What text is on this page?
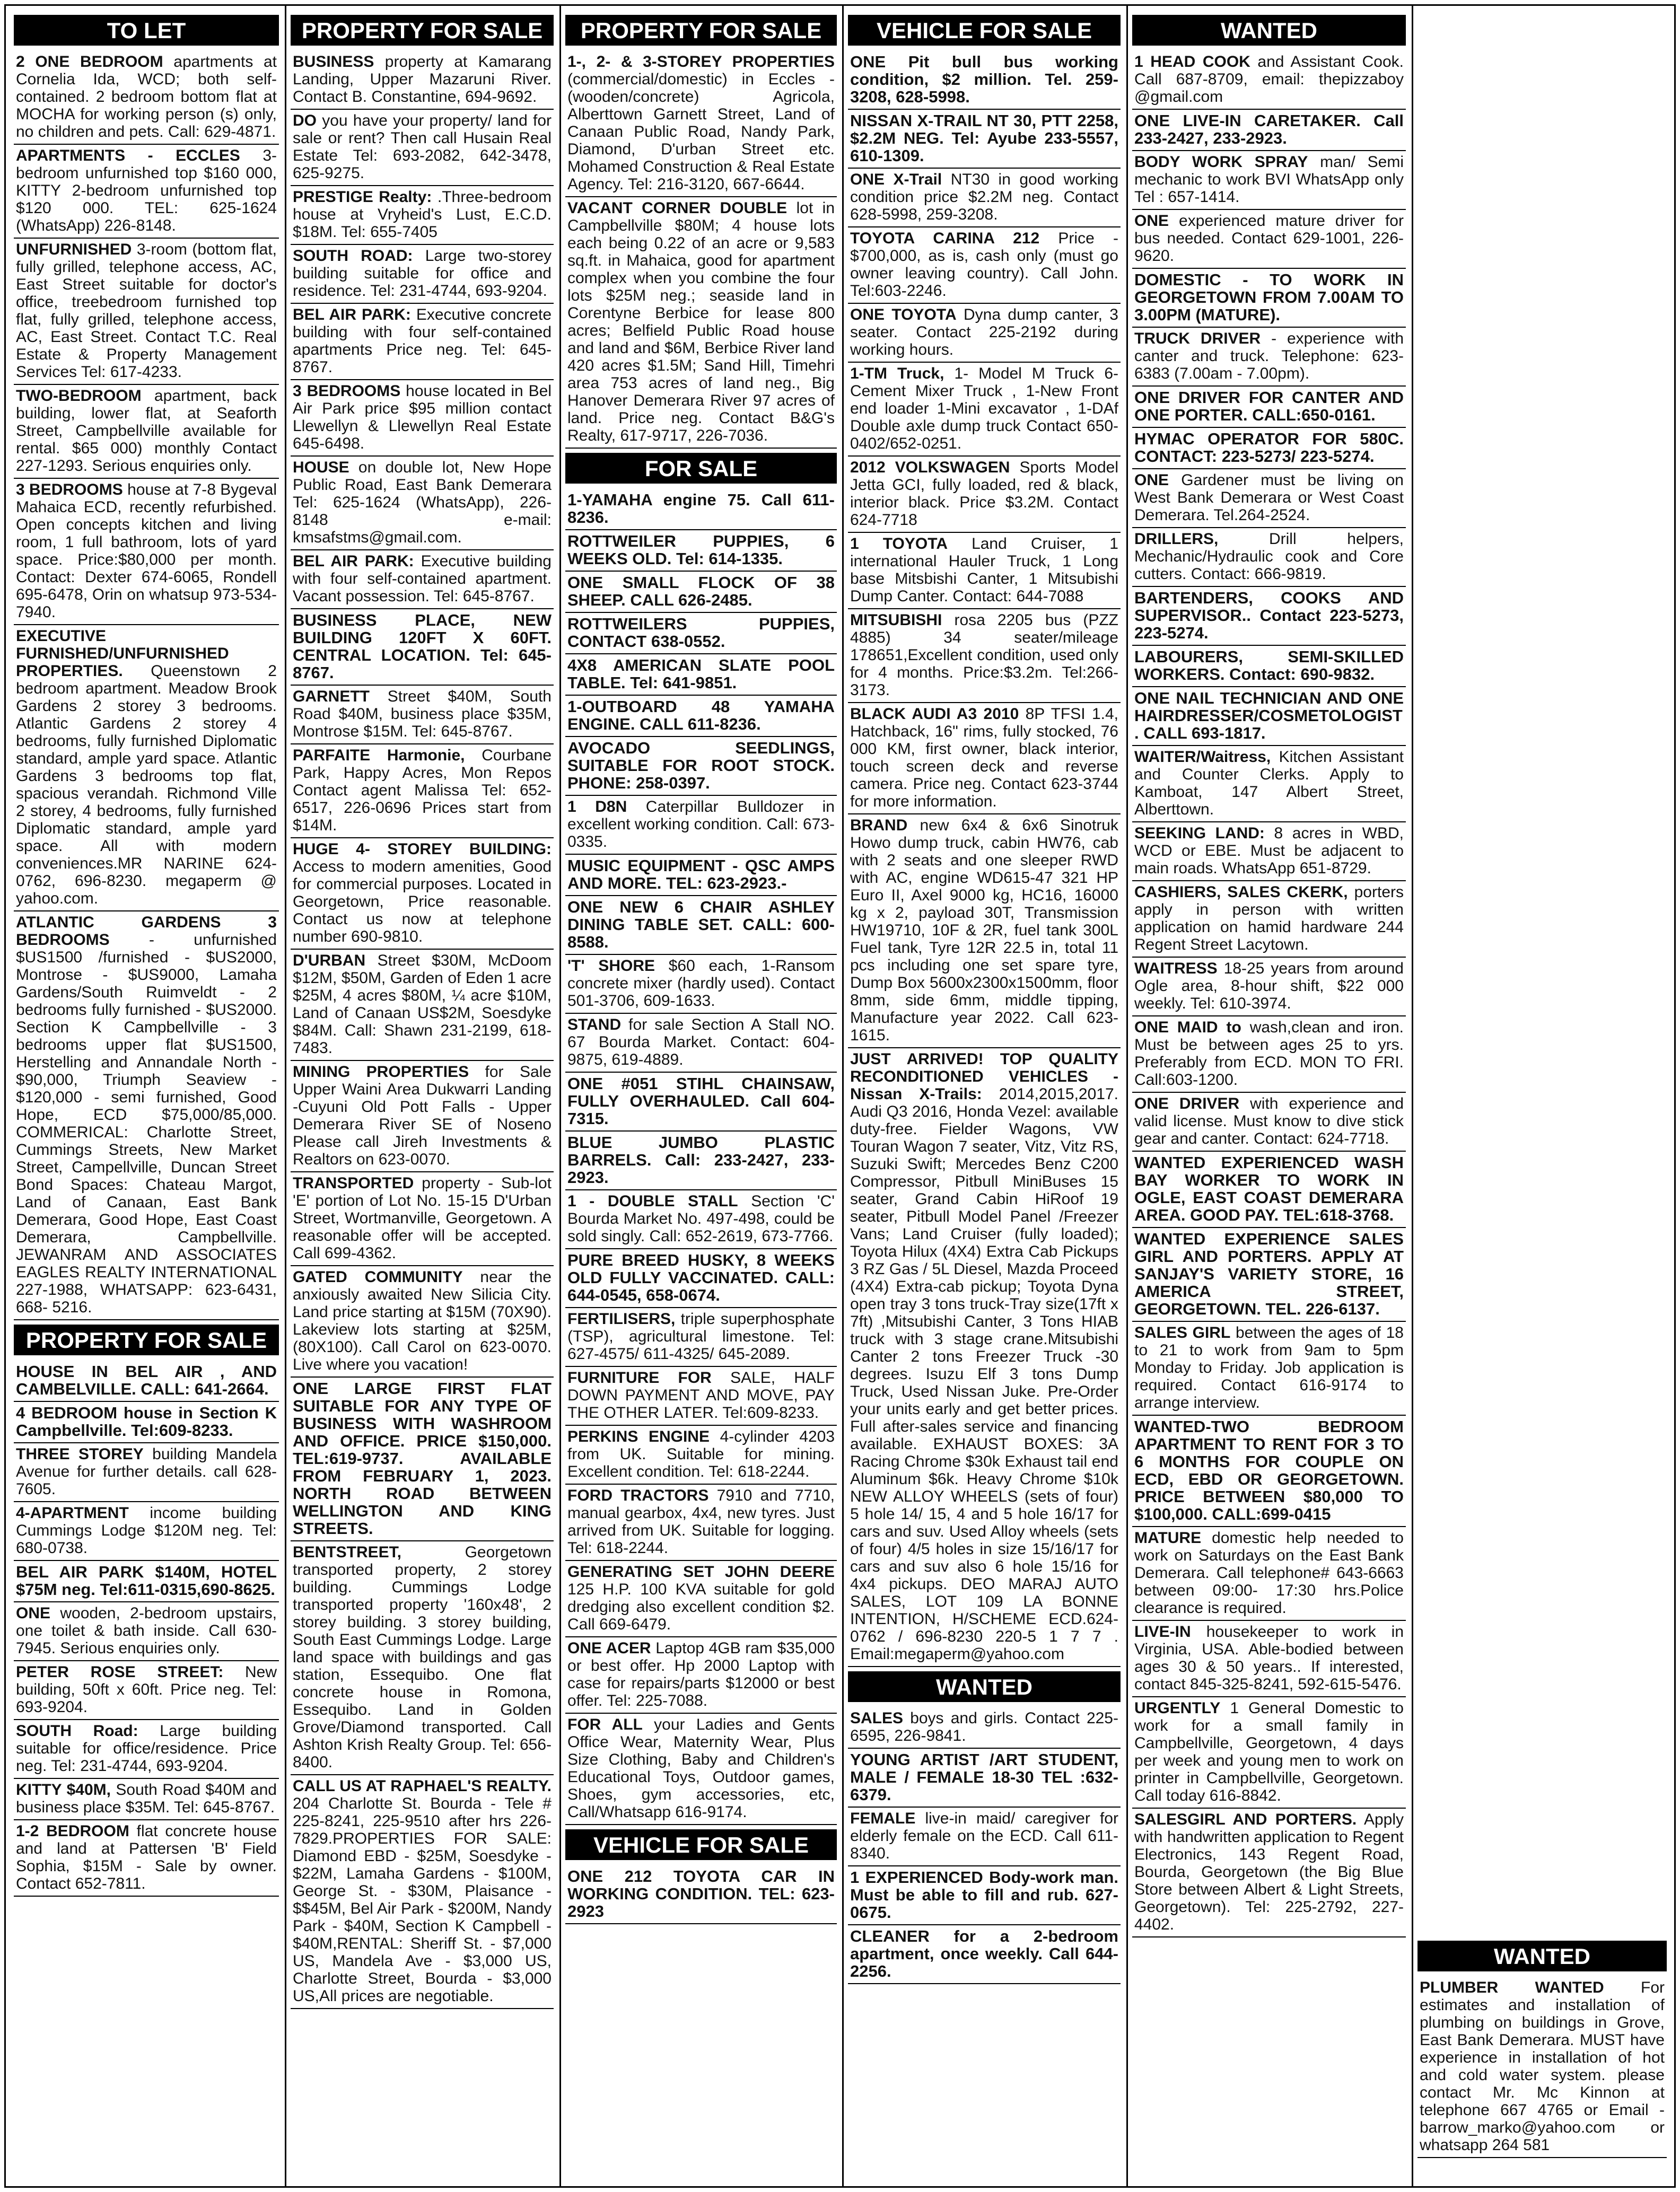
TO LET
2 ONE BEDROOM apartments at Cornelia Ida, WCD; both self-contained. 2 bedroom bottom flat at MOCHA for working person (s) only, no children and pets. Call: 629-4871.
APARTMENTS - ECCLES 3-bedroom unfurnished top $160 000, KITTY 2-bedroom unfurnished top $120 000. TEL: 625-1624 (WhatsApp) 226-8148.
UNFURNISHED 3-room (bottom flat, fully grilled, telephone access, AC, East Street suitable for doctor's office, treebedroom furnished top flat, fully grilled, telephone access, AC, East Street. Contact T.C. Real Estate & Property Management Services Tel: 617-4233.
TWO-BEDROOM apartment, back building, lower flat, at Seaforth Street, Campbellville available for rental. $65 000) monthly Contact 227-1293. Serious enquiries only.
3 BEDROOMS house at 7-8 Bygeval Mahaica ECD, recently refurbished. Open concepts kitchen and living room, 1 full bathroom, lots of yard space. Price:$80,000 per month. Contact: Dexter 674-6065, Rondell 695-6478, Orin on whatsup 973-534-7940.
EXECUTIVE FURNISHED/UNFURNISHED PROPERTIES. Queenstown 2 bedroom apartment. Meadow Brook Gardens 2 storey 3 bedrooms. Atlantic Gardens 2 storey 4 bedrooms, fully furnished Diplomatic standard, ample yard space. Atlantic Gardens 3 bedrooms top flat, spacious verandah. Richmond Ville 2 storey, 4 bedrooms, fully furnished Diplomatic standard, ample yard space. All with modern conveniences.MR NARINE 624-0762, 696-8230. megaperm @ yahoo.com.
ATLANTIC GARDENS 3 BEDROOMS - unfurnished $US1500 /furnished - $US2000, Montrose - $US9000, Lamaha Gardens/South Ruimveldt - 2 bedrooms fully furnished - $US2000. Section K Campbellville - 3 bedrooms upper flat $US1500, Herstelling and Annandale North - $90,000, Triumph Seaview - $120,000 - semi furnished, Good Hope, ECD $75,000/85,000. COMMERICAL: Charlotte Street, Cummings Streets, New Market Street, Campellville, Duncan Street Bond Spaces: Chateau Margot, Land of Canaan, East Bank Demerara, Good Hope, East Coast Demerara, Campbellville. JEWANRAM AND ASSOCIATES EAGLES REALTY INTERNATIONAL 227-1988, WHATSAPP: 623-6431, 668- 5216.
PROPERTY FOR SALE
HOUSE IN BEL AIR , AND CAMBELVILLE. CALL: 641-2664.
4 BEDROOM house in Section K Campbellville. Tel:609-8233.
THREE STOREY building Mandela Avenue for further details. call 628-7605.
4-APARTMENT income building Cummings Lodge $120M neg. Tel: 680-0738.
BEL AIR PARK $140M, HOTEL $75M neg. Tel:611-0315,690-8625.
ONE wooden, 2-bedroom upstairs, one toilet & bath inside. Call 630-7945. Serious enquiries only.
PETER ROSE STREET: New building, 50ft x 60ft. Price neg. Tel: 693-9204.
SOUTH Road: Large building suitable for office/residence. Price neg. Tel: 231-4744, 693-9204.
KITTY $40M, South Road $40M and business place $35M. Tel: 645-8767.
1-2 BEDROOM flat concrete house and land at Pattersen 'B' Field Sophia, $15M - Sale by owner. Contact 652-7811.
PROPERTY FOR SALE
BUSINESS property at Kamarang Landing, Upper Mazaruni River. Contact B. Constantine, 694-9692.
DO you have your property/ land for sale or rent? Then call Husain Real Estate Tel: 693-2082, 642-3478, 625-9275.
PRESTIGE Realty: .Three-bedroom house at Vryheid's Lust, E.C.D. $18M. Tel: 655-7405
SOUTH ROAD: Large two-storey building suitable for office and residence. Tel: 231-4744, 693-9204.
BEL AIR PARK: Executive concrete building with four self-contained apartments Price neg. Tel: 645-8767.
3 BEDROOMS house located in Bel Air Park price $95 million contact Llewellyn & Llewellyn Real Estate 645-6498.
HOUSE on double lot, New Hope Public Road, East Bank Demerara Tel: 625-1624 (WhatsApp), 226-8148 e-mail: kmsafstms@gmail.com.
BEL AIR PARK: Executive building with four self-contained apartment. Vacant possession. Tel: 645-8767.
BUSINESS PLACE, NEW BUILDING 120FT X 60FT. CENTRAL LOCATION. Tel: 645-8767.
GARNETT Street $40M, South Road $40M, business place $35M, Montrose $15M. Tel: 645-8767.
PARFAITE Harmonie, Courbane Park, Happy Acres, Mon Repos Contact agent Malissa Tel: 652-6517, 226-0696 Prices start from $14M.
HUGE 4- STOREY BUILDING: Access to modern amenities, Good for commercial purposes. Located in Georgetown, Price reasonable. Contact us now at telephone number 690-9810.
D'URBAN Street $30M, McDoom $12M, $50M, Garden of Eden 1 acre $25M, 4 acres $80M, ¼ acre $10M, Land of Canaan US$2M, Soesdyke $84M. Call: Shawn 231-2199, 618-7483.
MINING PROPERTIES for Sale Upper Waini Area Dukwarri Landing -Cuyuni Old Pott Falls - Upper Demerara River SE of Noseno Please call Jireh Investments & Realtors on 623-0070.
TRANSPORTED property - Sub-lot 'E' portion of Lot No. 15-15 D'Urban Street, Wortmanville, Georgetown. A reasonable offer will be accepted. Call 699-4362.
GATED COMMUNITY near the anxiously awaited New Silicia City. Land price starting at $15M (70X90). Lakeview lots starting at $25M, (80X100). Call Carol on 623-0070. Live where you vacation!
ONE LARGE FIRST FLAT SUITABLE FOR ANY TYPE OF BUSINESS WITH WASHROOM AND OFFICE. PRICE $150,000. TEL:619-9737. AVAILABLE FROM FEBRUARY 1, 2023. NORTH ROAD BETWEEN WELLINGTON AND KING STREETS.
BENTSTREET,	Georgetown transported property, 2 storey building. Cummings Lodge transported property '160x48', 2 storey building. 3 storey building, South East Cummings Lodge. Large land space with buildings and gas station, Essequibo. One flat concrete house in Romona, Essequibo. Land in Golden Grove/Diamond transported. Call Ashton Krish Realty Group. Tel: 656-8400.
CALL US AT RAPHAEL'S REALTY. 204 Charlotte St. Bourda - Tele # 225-8241, 225-9510 after hrs 226-7829.PROPERTIES FOR SALE: Diamond EBD - $25M, Soesdyke - $22M, Lamaha Gardens - $100M, George St. - $30M, Plaisance - $$45M, Bel Air Park - $200M, Nandy Park - $40M, Section K Campbell - $40M,RENTAL: Sheriff St. - $7,000 US, Mandela Ave - $3,000 US, Charlotte Street, Bourda - $3,000 US,All prices are negotiable.
PROPERTY FOR SALE
1-, 2- & 3-STOREY PROPERTIES (commercial/domestic) in Eccles - (wooden/concrete) Agricola, Alberttown Garnett Street, Land of Canaan Public Road, Nandy Park, Diamond, D'urban Street etc. Mohamed Construction & Real Estate Agency. Tel: 216-3120, 667-6644.
VACANT CORNER DOUBLE lot in Campbellville $80M; 4 house lots each being 0.22 of an acre or 9,583 sq.ft. in Mahaica, good for apartment complex when you combine the four lots $25M neg.; seaside land in Corentyne Berbice for lease 800 acres; Belfield Public Road house and land and $6M, Berbice River land 420 acres $1.5M; Sand Hill, Timehri area 753 acres of land neg., Big Hanover Demerara River 97 acres of land. Price neg. Contact B&G's Realty, 617-9717, 226-7036.
FOR SALE
1-YAMAHA engine 75. Call 611-8236.
ROTTWEILER PUPPIES, 6 WEEKS OLD. Tel: 614-1335.
ONE SMALL FLOCK OF 38 SHEEP. CALL 626-2485.
ROTTWEILERS PUPPIES, CONTACT 638-0552.
4X8 AMERICAN SLATE POOL TABLE. Tel: 641-9851.
1-OUTBOARD 48 YAMAHA ENGINE. CALL 611-8236.
AVOCADO SEEDLINGS, SUITABLE FOR ROOT STOCK. PHONE: 258-0397.
1 D8N Caterpillar Bulldozer in excellent working condition. Call: 673-0335.
MUSIC EQUIPMENT - QSC AMPS AND MORE. TEL: 623-2923.-
ONE NEW 6 CHAIR ASHLEY DINING TABLE SET. CALL: 600-8588.
'T' SHORE $60 each, 1-Ransom concrete mixer (hardly used). Contact 501-3706, 609-1633.
STAND for sale Section A Stall NO. 67 Bourda Market. Contact: 604-9875, 619-4889.
ONE #051 STIHL CHAINSAW, FULLY OVERHAULED. Call 604-7315.
BLUE JUMBO PLASTIC BARRELS. Call: 233-2427, 233-2923.
1 - DOUBLE STALL Section 'C' Bourda Market No. 497-498, could be sold singly. Call: 652-2619, 673-7766.
PURE BREED HUSKY, 8 WEEKS OLD FULLY VACCINATED. CALL: 644-0545, 658-0674.
FERTILISERS, triple superphosphate (TSP), agricultural limestone. Tel: 627-4575/ 611-4325/ 645-2089.
FURNITURE FOR SALE, HALF DOWN PAYMENT AND MOVE, PAY THE OTHER LATER. Tel:609-8233.
PERKINS ENGINE 4-cylinder 4203 from UK. Suitable for mining. Excellent condition. Tel: 618-2244.
FORD TRACTORS 7910 and 7710, manual gearbox, 4x4, new tyres. Just arrived from UK. Suitable for logging. Tel: 618-2244.
GENERATING SET JOHN DEERE 125 H.P. 100 KVA suitable for gold dredging also excellent condition $2. Call 669-6479.
ONE ACER Laptop 4GB ram $35,000 or best offer. Hp 2000 Laptop with case for repairs/parts $12000 or best offer. Tel: 225-7088.
FOR ALL your Ladies and Gents Office Wear, Maternity Wear, Plus Size Clothing, Baby and Children's Educational Toys, Outdoor games, Shoes, gym accessories, etc, Call/Whatsapp 616-9174.
VEHICLE FOR SALE
ONE 212 TOYOTA CAR IN WORKING CONDITION. TEL: 623-2923
VEHICLE FOR SALE
ONE Pit bull bus working condition, $2 million. Tel. 259-3208, 628-5998.
NISSAN X-TRAIL NT 30, PTT 2258, $2.2M NEG. Tel: Ayube 233-5557, 610-1309.
ONE X-Trail NT30 in good working condition price $2.2M neg. Contact 628-5998, 259-3208.
TOYOTA CARINA 212 Price - $700,000, as is, cash only (must go owner leaving country). Call John. Tel:603-2246.
ONE TOYOTA Dyna dump canter, 3 seater. Contact 225-2192 during working hours.
1-TM Truck, 1- Model M Truck 6-Cement Mixer Truck , 1-New Front end loader 1-Mini excavator , 1-DAf Double axle dump truck Contact 650-0402/652-0251.
2012 VOLKSWAGEN Sports Model Jetta GCI, fully loaded, red & black, interior black. Price $3.2M. Contact 624-7718
1 TOYOTA Land Cruiser, 1 international Hauler Truck, 1 Long base Mitsbishi Canter, 1 Mitsubishi Dump Canter. Contact: 644-7088
MITSUBISHI rosa 2205 bus (PZZ 4885) 34 seater/mileage 178651,Excellent condition, used only for 4 months. Price:$3.2m. Tel:266-3173.
BLACK AUDI A3 2010 8P TFSI 1.4, Hatchback, 16" rims, fully stocked, 76 000 KM, first owner, black interior, touch screen deck and reverse camera. Price neg. Contact 623-3744 for more information.
BRAND new 6x4 & 6x6 Sinotruk Howo dump truck, cabin HW76, cab with 2 seats and one sleeper RWD with AC, engine WD615-47 321 HP Euro II, Axel 9000 kg, HC16, 16000 kg x 2, payload 30T, Transmission HW19710, 10F & 2R, fuel tank 300L Fuel tank, Tyre 12R 22.5 in, total 11 pcs including one set spare tyre, Dump Box 5600x2300x1500mm, floor 8mm, side 6mm, middle tipping, Manufacture year 2022. Call 623-1615.
JUST ARRIVED! TOP QUALITY RECONDITIONED VEHICLES - Nissan X-Trails: 2014,2015,2017. Audi Q3 2016, Honda Vezel: available duty-free. Fielder Wagons, VW Touran Wagon 7 seater, Vitz, Vitz RS, Suzuki Swift; Mercedes Benz C200 Compressor, Pitbull MiniBuses 15 seater, Grand Cabin HiRoof 19 seater, Pitbull Model Panel /Freezer Vans; Land Cruiser (fully loaded); Toyota Hilux (4X4) Extra Cab Pickups 3 RZ Gas / 5L Diesel, Mazda Proceed (4X4) Extra-cab pickup; Toyota Dyna open tray 3 tons truck-Tray size(17ft x 7ft) ,Mitsubishi Canter, 3 Tons HIAB truck with 3 stage crane.Mitsubishi Canter 2 tons Freezer Truck -30 degrees. Isuzu Elf 3 tons Dump Truck, Used Nissan Juke. Pre-Order your units early and get better prices. Full after-sales service and financing available. EXHAUST BOXES: 3A Racing Chrome $30k Exhaust tail end Aluminum $6k. Heavy Chrome $10k NEW ALLOY WHEELS (sets of four) 5 hole 14/ 15, 4 and 5 hole 16/17 for cars and suv. Used Alloy wheels (sets of four) 4/5 holes in size 15/16/17 for cars and suv also 6 hole 15/16 for 4x4 pickups. DEO MARAJ AUTO SALES, LOT 109 LA BONNE INTENTION, H/SCHEME ECD.624-0762 / 696-8230 220-5 1 7 7 . Email:megaperm@yahoo.com
WANTED
SALES boys and girls. Contact 225-6595, 226-9841.
YOUNG ARTIST /ART STUDENT, MALE / FEMALE 18-30 TEL :632-6379.
FEMALE live-in maid/ caregiver for elderly female on the ECD. Call 611-8340.
1 EXPERIENCED Body-work man. Must be able to fill and rub. 627-0675.
CLEANER for a 2-bedroom apartment, once weekly. Call 644-2256.
WANTED
1 HEAD COOK and Assistant Cook. Call 687-8709, email: thepizzaboy @gmail.com
ONE LIVE-IN CARETAKER. Call 233-2427, 233-2923.
BODY WORK SPRAY man/ Semi mechanic to work BVI WhatsApp only Tel : 657-1414.
ONE experienced mature driver for bus needed. Contact 629-1001, 226-9620.
DOMESTIC - TO WORK IN GEORGETOWN FROM 7.00AM TO 3.00PM (MATURE).
TRUCK DRIVER - experience with canter and truck. Telephone: 623-6383 (7.00am - 7.00pm).
ONE DRIVER FOR CANTER AND ONE PORTER. CALL:650-0161.
HYMAC OPERATOR FOR 580C. CONTACT: 223-5273/ 223-5274.
ONE Gardener must be living on West Bank Demerara or West Coast Demerara. Tel.264-2524.
DRILLERS,	Drill helpers, Mechanic/Hydraulic cook and Core cutters. Contact: 666-9819.
BARTENDERS, COOKS AND SUPERVISOR.. Contact 223-5273, 223-5274.
LABOURERS, SEMI-SKILLED WORKERS. Contact: 690-9832.
ONE NAIL TECHNICIAN AND ONE HAIRDRESSER/COSMETOLOGIST. CALL 693-1817.
WAITER/Waitress, Kitchen Assistant and Counter Clerks. Apply to Kamboat, 147 Albert Street, Alberttown.
SEEKING LAND: 8 acres in WBD, WCD or EBE. Must be adjacent to main roads. WhatsApp 651-8729.
CASHIERS, SALES CKERK, porters apply in person with written application on hamid hardware 244 Regent Street Lacytown.
WAITRESS 18-25 years from around Ogle area, 8-hour shift, $22 000 weekly. Tel: 610-3974.
ONE MAID to wash,clean and iron. Must be between ages 25 to yrs. Preferably from ECD. MON TO FRI. Call:603-1200.
ONE DRIVER with experience and valid license. Must know to dive stick gear and canter. Contact: 624-7718.
WANTED EXPERIENCED WASH BAY WORKER TO WORK IN OGLE, EAST COAST DEMERARA AREA. GOOD PAY. TEL:618-3768.
WANTED EXPERIENCE SALES GIRL AND PORTERS. APPLY AT SANJAY'S VARIETY STORE, 16 AMERICA STREET, GEORGETOWN. TEL. 226-6137.
SALES GIRL between the ages of 18 to 21 to work from 9am to 5pm Monday to Friday. Job application is required. Contact 616-9174 to arrange interview.
WANTED-TWO BEDROOM APARTMENT TO RENT FOR 3 TO 6 MONTHS FOR COUPLE ON ECD, EBD OR GEORGETOWN. PRICE BETWEEN $80,000 TO $100,000. CALL:699-0415
MATURE domestic help needed to work on Saturdays on the East Bank Demerara. Call telephone# 643-6663 between 09:00- 17:30 hrs.Police clearance is required.
LIVE-IN housekeeper to work in Virginia, USA. Able-bodied between ages 30 & 50 years.. If interested, contact 845-325-8241, 592-615-5476.
URGENTLY 1 General Domestic to work for a small family in Campbellville, Georgetown, 4 days per week and young men to work on printer in Campbellville, Georgetown. Call today 616-8842.
SALESGIRL AND PORTERS. Apply with handwritten application to Regent Electronics, 143 Regent Road, Bourda, Georgetown (the Big Blue Store between Albert & Light Streets, Georgetown). Tel: 225-2792, 227-4402.
WANTED
PLUMBER WANTED For estimates and installation of plumbing on buildings in Grove, East Bank Demerara. MUST have experience in installation of hot and cold water system. please contact Mr. Mc Kinnon at telephone 667 4765 or Email - barrow_marko@yahoo.com or whatsapp 264 581
